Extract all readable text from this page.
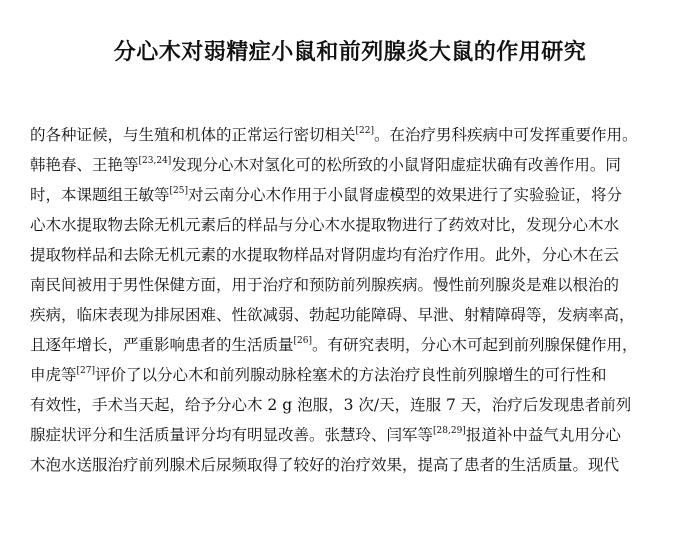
分心木对弱精症小鼠和前列腺炎大鼠的作用研究
的各种证候，与生殖和机体的正常运行密切相关[22]。在治疗男科疾病中可发挥重要作用。
韩艳春、王艳等[23,24]发现分心木对氢化可的松所致的小鼠肾阳虚症状确有改善作用。同
时，本课题组王敏等[25]对云南分心木作用于小鼠肾虚模型的效果进行了实验验证，将分
心木水提取物去除无机元素后的样品与分心木水提取物进行了药效对比，发现分心木水
提取物样品和去除无机元素的水提取物样品对肾阴虚均有治疗作用。此外，分心木在云
南民间被用于男性保健方面，用于治疗和预防前列腺疾病。慢性前列腺炎是难以根治的
疾病，临床表现为排尿困难、性欲减弱、勃起功能障碍、早泄、射精障碍等，发病率高，
且逐年增长，严重影响患者的生活质量[26]。有研究表明，分心木可起到前列腺保健作用，
申虎等[27]评价了以分心木和前列腺动脉栓塞术的方法治疗良性前列腺增生的可行性和
有效性，手术当天起，给予分心木 2 g 泡服，3 次/天，连服 7 天，治疗后发现患者前列
腺症状评分和生活质量评分均有明显改善。张慧玲、闫军等[28,29]报道补中益气丸用分心
木泡水送服治疗前列腺术后尿频取得了较好的治疗效果，提高了患者的生活质量。现代
